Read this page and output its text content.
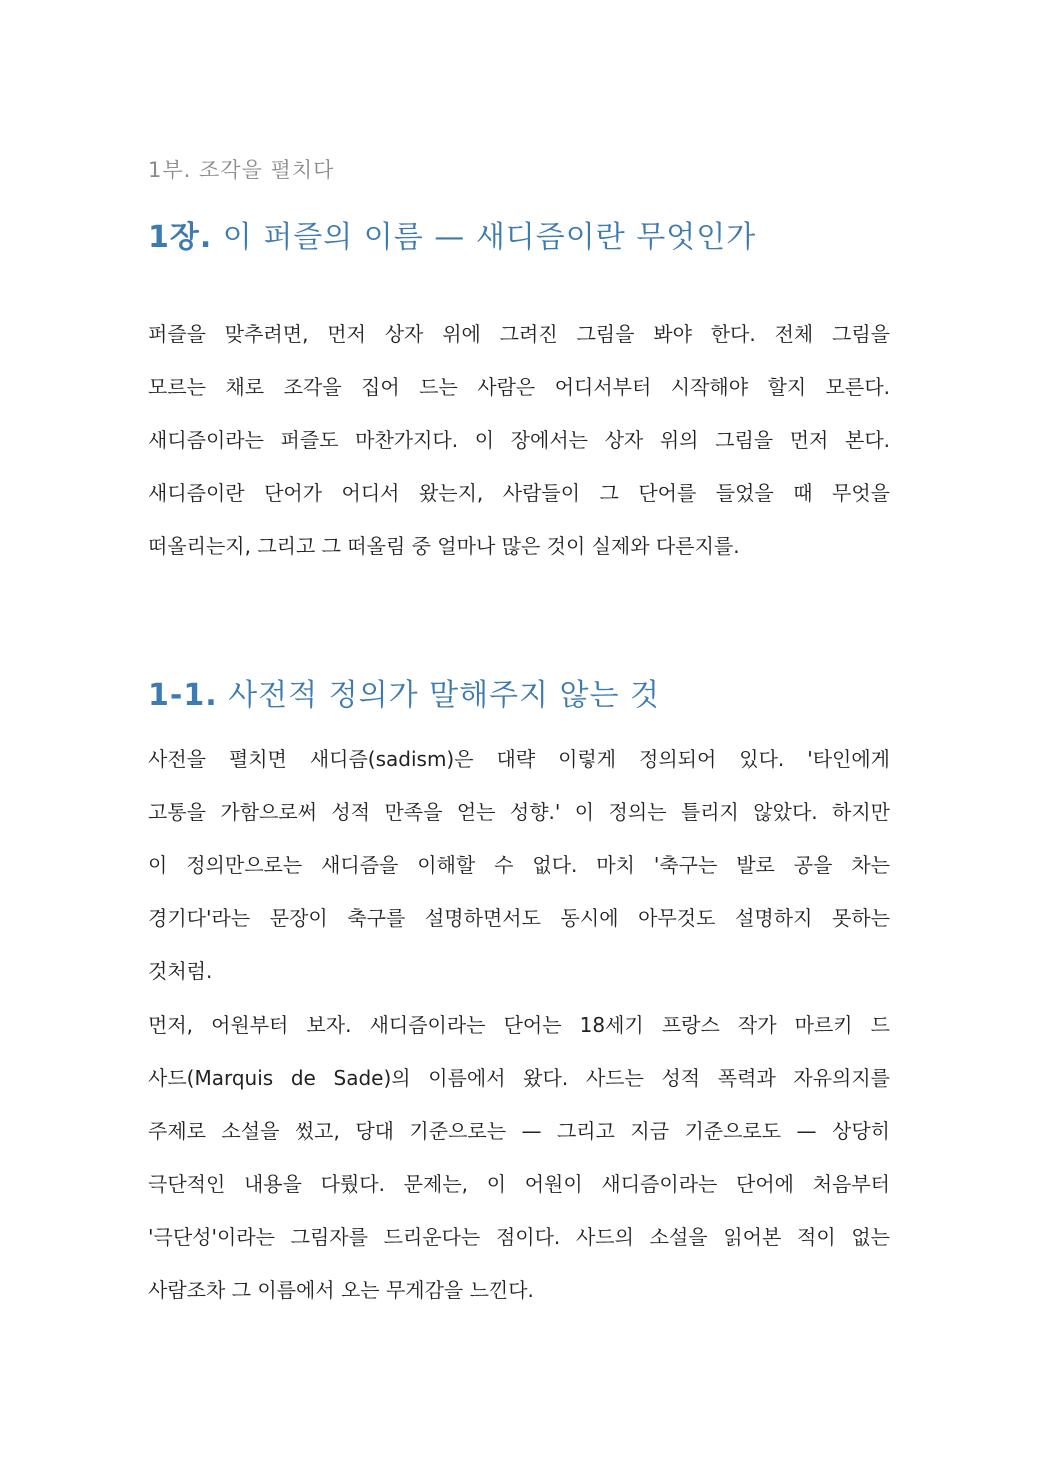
1부. 조각을 펼치다
1장. 이 퍼즐의 이름 — 새디즘이란 무엇인가
퍼즐을 맞추려면, 먼저 상자 위에 그려진 그림을 봐야 한다. 전체 그림을
모르는 채로 조각을 집어 드는 사람은 어디서부터 시작해야 할지 모른다.
새디즘이라는 퍼즐도 마찬가지다. 이 장에서는 상자 위의 그림을 먼저 본다.
새디즘이란 단어가 어디서 왔는지, 사람들이 그 단어를 들었을 때 무엇을
떠올리는지, 그리고 그 떠올림 중 얼마나 많은 것이 실제와 다른지를.
1-1. 사전적 정의가 말해주지 않는 것
사전을 펼치면 새디즘(sadism)은 대략 이렇게 정의되어 있다. '타인에게
고통을 가함으로써 성적 만족을 얻는 성향.' 이 정의는 틀리지 않았다. 하지만
이 정의만으로는 새디즘을 이해할 수 없다. 마치 '축구는 발로 공을 차는
경기다'라는 문장이 축구를 설명하면서도 동시에 아무것도 설명하지 못하는
것처럼.
먼저, 어원부터 보자. 새디즘이라는 단어는 18세기 프랑스 작가 마르키 드
사드(Marquis de Sade)의 이름에서 왔다. 사드는 성적 폭력과 자유의지를
주제로 소설을 썼고, 당대 기준으로는 — 그리고 지금 기준으로도 — 상당히
극단적인 내용을 다뤘다. 문제는, 이 어원이 새디즘이라는 단어에 처음부터
'극단성'이라는 그림자를 드리운다는 점이다. 사드의 소설을 읽어본 적이 없는
사람조차 그 이름에서 오는 무게감을 느낀다.
